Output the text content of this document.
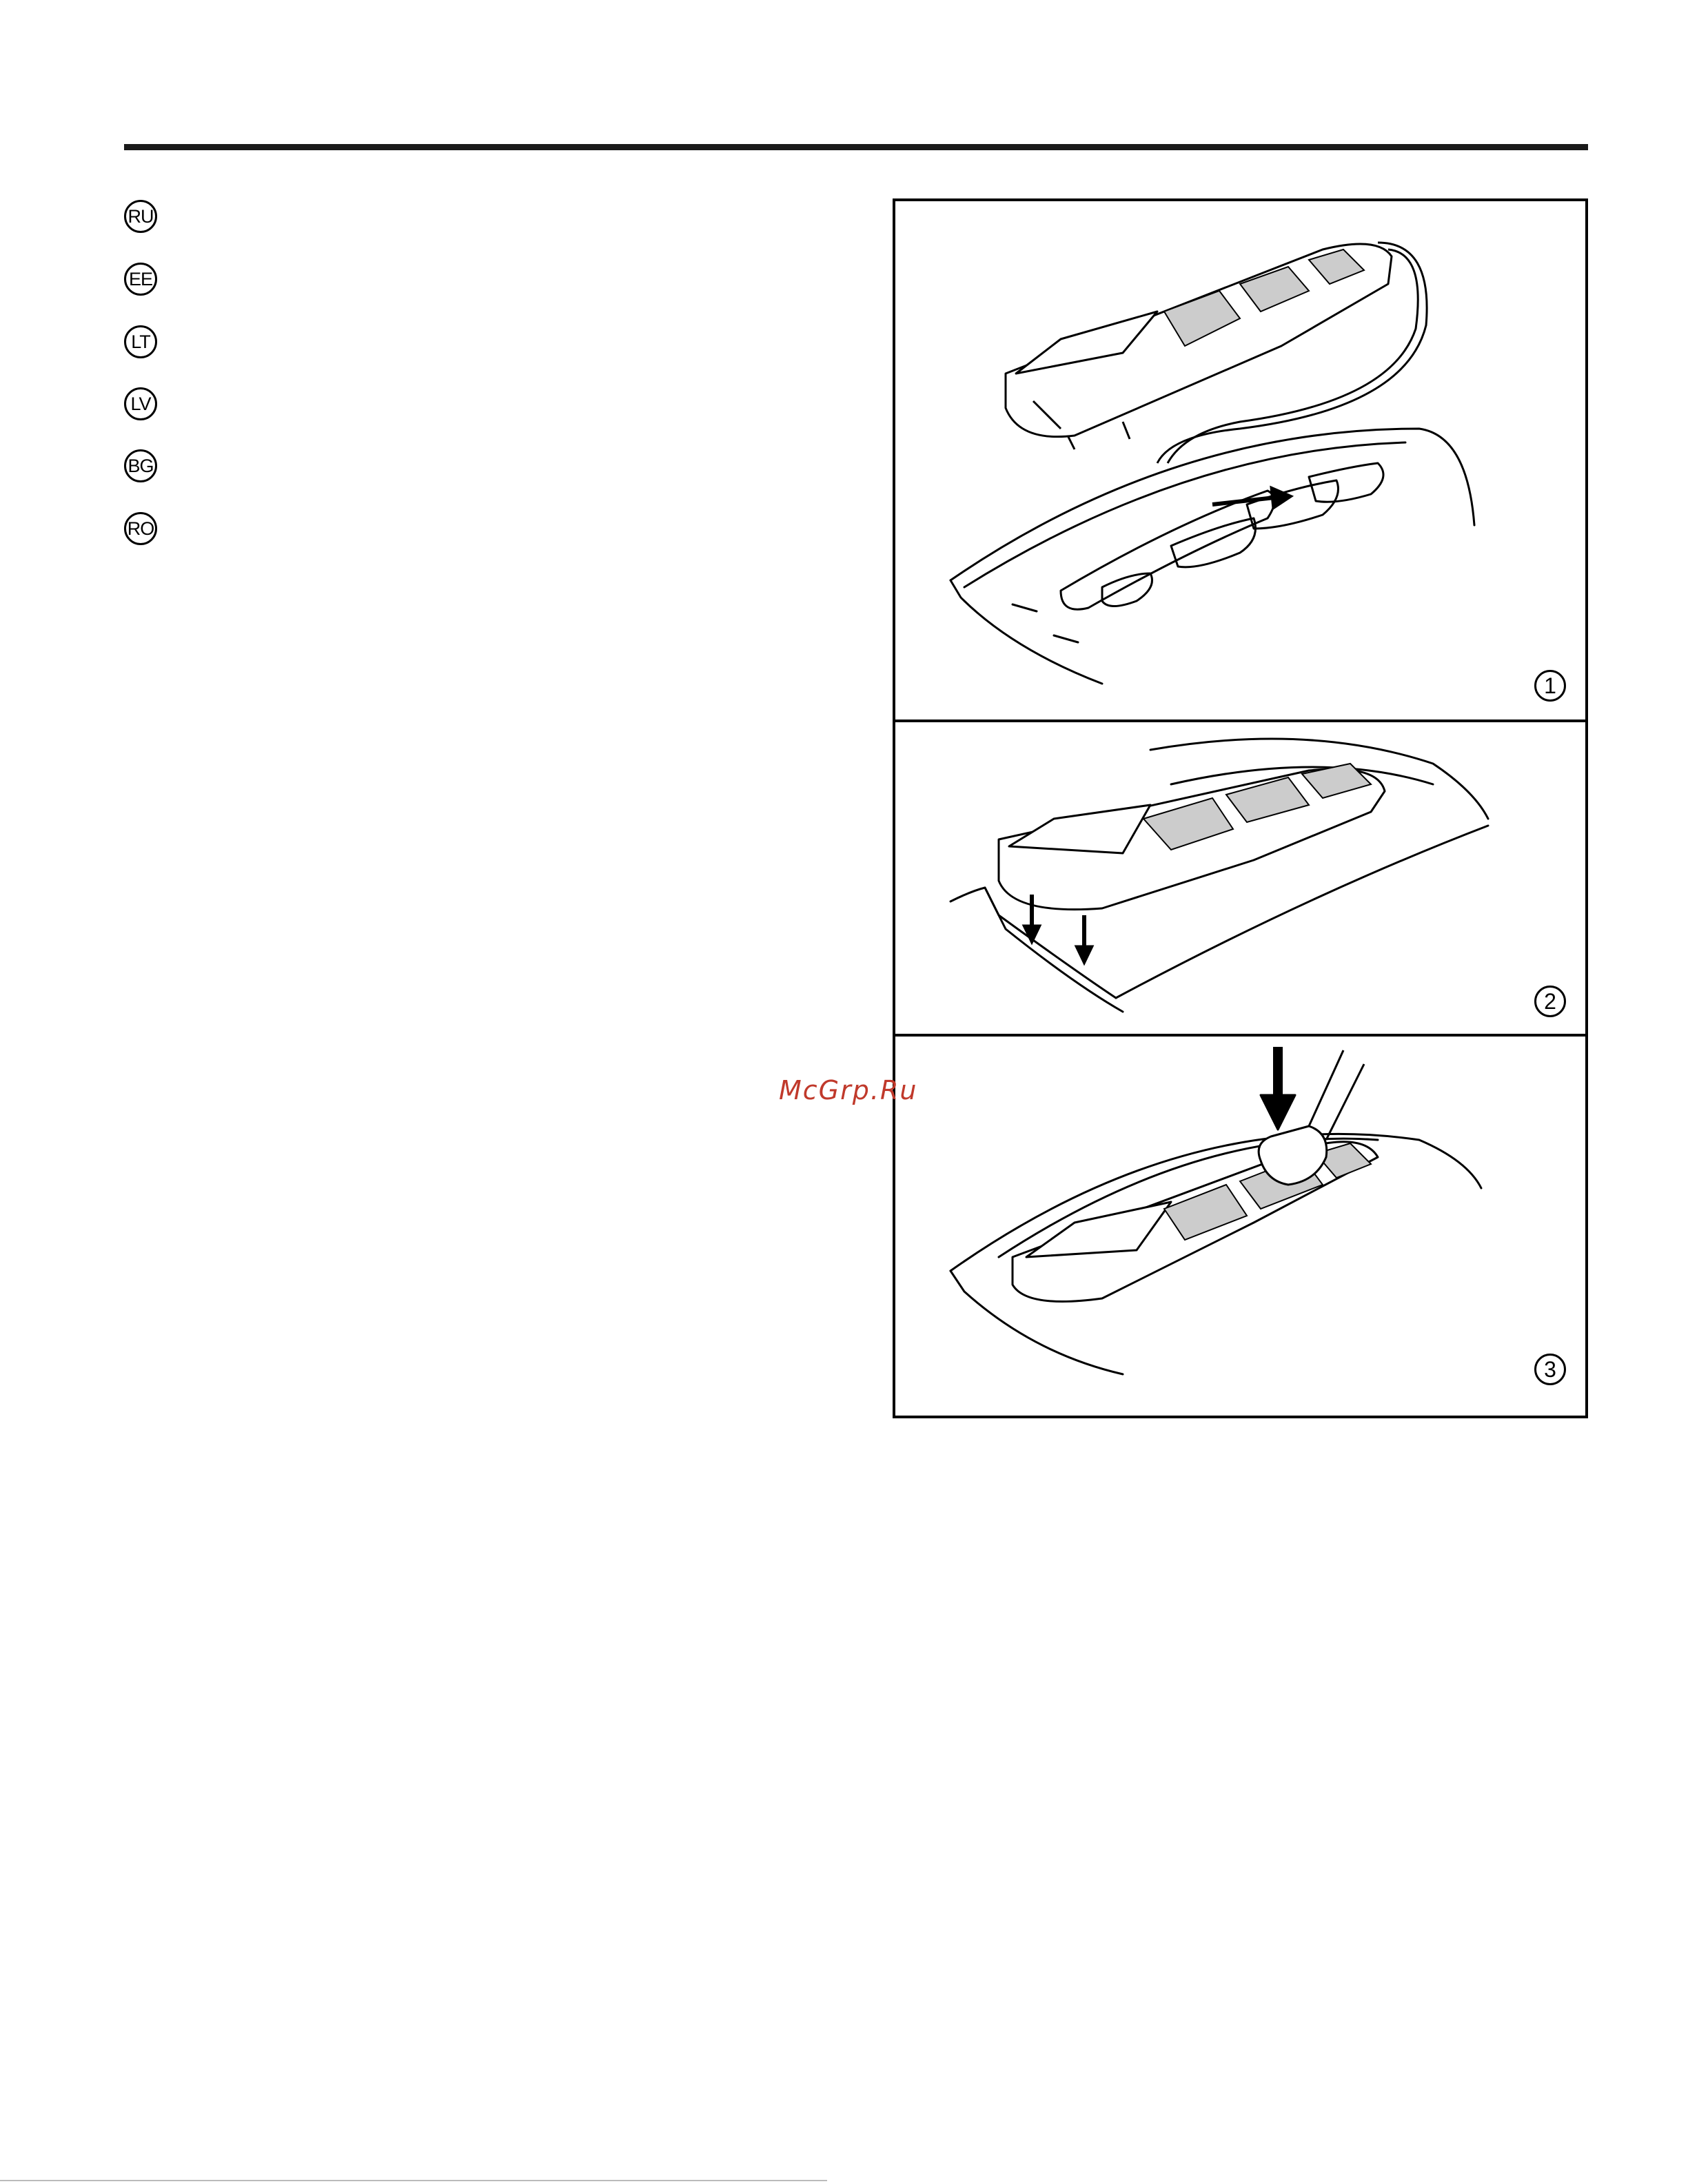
RU
EE
LT
LV
BG
RO
1
2
3
McGrp.Ru
